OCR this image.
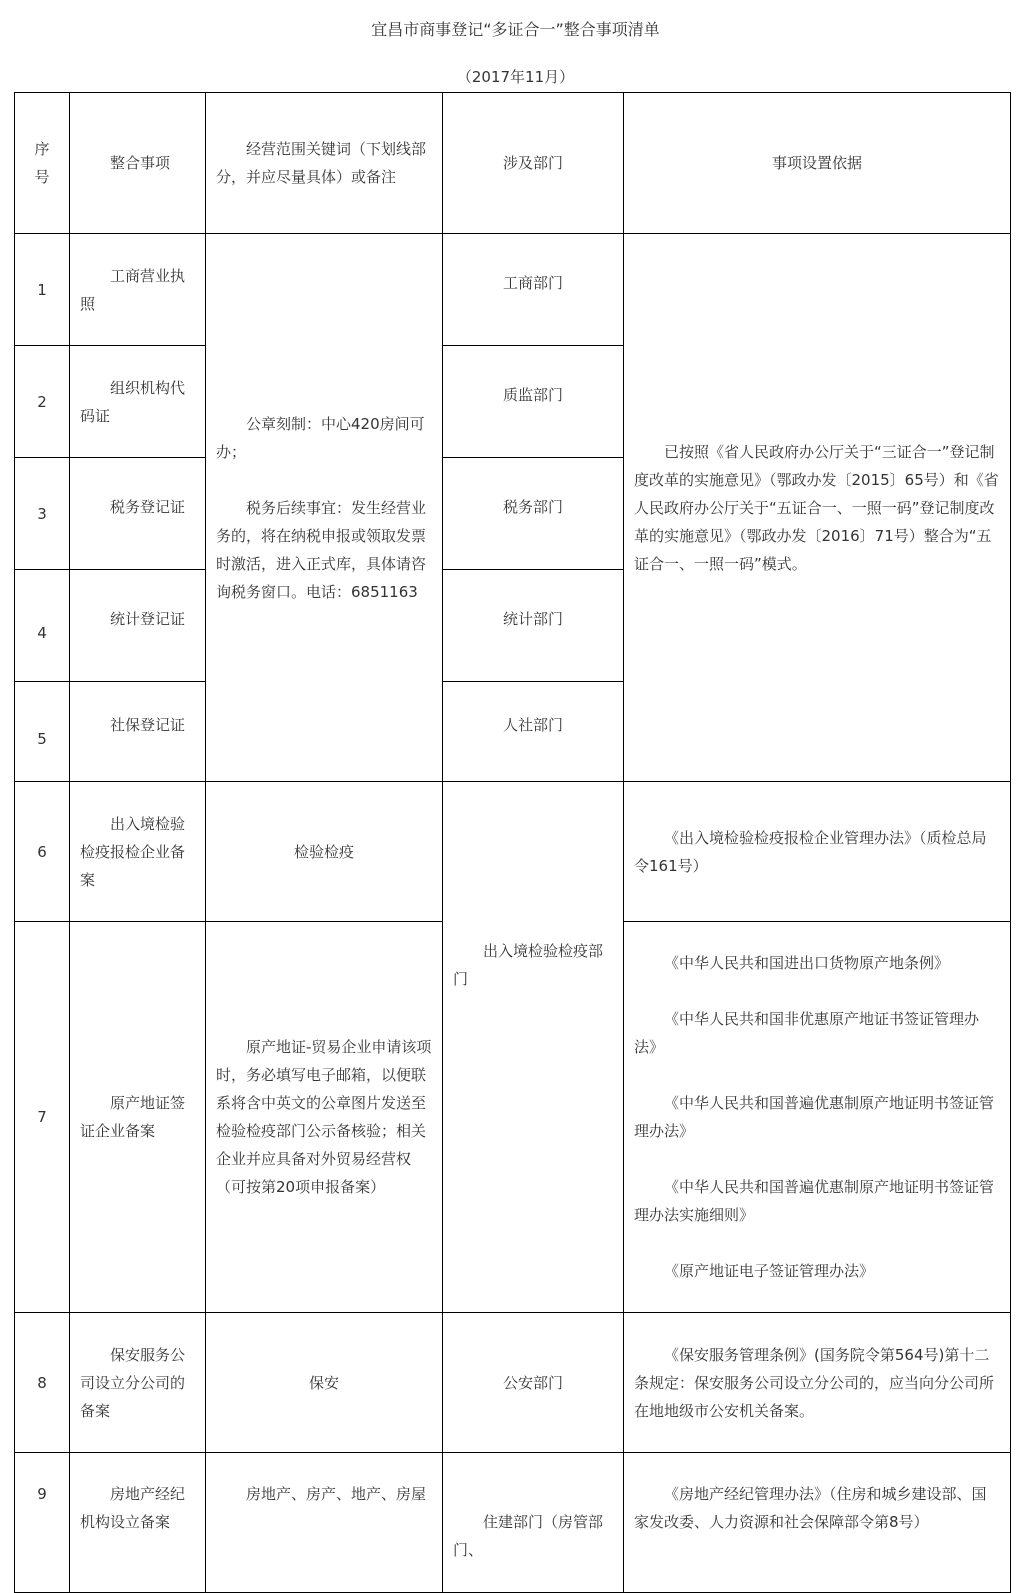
宜昌市商事登记“多证合一”整合事项清单
（2017年11月）
序号	整合事项	经营范围关键词（下划线部分，并应尽量具体）或备注	涉及部门	事项设置依据
1	工商营业执照	公章刻制：中心420房间可办；
税务后续事宜：发生经营业务的，将在纳税申报或领取发票时激活，进入正式库，具体请咨询税务窗口。电话：6851163	工商部门	已按照《省人民政府办公厅关于“三证合一”登记制度改革的实施意见》（鄂政办发〔2015〕65号）和《省人民政府办公厅关于“五证合一、一照一码”登记制度改革的实施意见》（鄂政办发〔2016〕71号）整合为“五证合一、一照一码”模式。
2	组织机构代码证		质监部门	

3	税务登记证		税务部门	

4	统计登记证		统计部门	

5	社保登记证		人社部门	

6	出入境检验检疫报检企业备案	检验检疫	出入境检验检疫部门	《出入境检验检疫报检企业管理办法》（质检总局令161号）
7	原产地证签证企业备案	原产地证-贸易企业申请该项时，务必填写电子邮箱，以便联系将含中英文的公章图片发送至检验检疫部门公示备核验；相关企业并应具备对外贸易经营权（可按第20项申报备案）		《中华人民共和国进出口货物原产地条例》
《中华人民共和国非优惠原产地证书签证管理办法》
《中华人民共和国普遍优惠制原产地证明书签证管理办法》
《中华人民共和国普遍优惠制原产地证明书签证管理办法实施细则》
《原产地证电子签证管理办法》

8	保安服务公司设立分公司的备案	保安	公安部门	《保安服务管理条例》(国务院令第564号)第十二条规定：保安服务公司设立分公司的，应当向分公司所在地地级市公安机关备案。
9	房地产经纪机构设立备案	房地产、房产、地产、房屋	住建部门（房管部门、	《房地产经纪管理办法》（住房和城乡建设部、国家发改委、人力资源和社会保障部令第8号）
